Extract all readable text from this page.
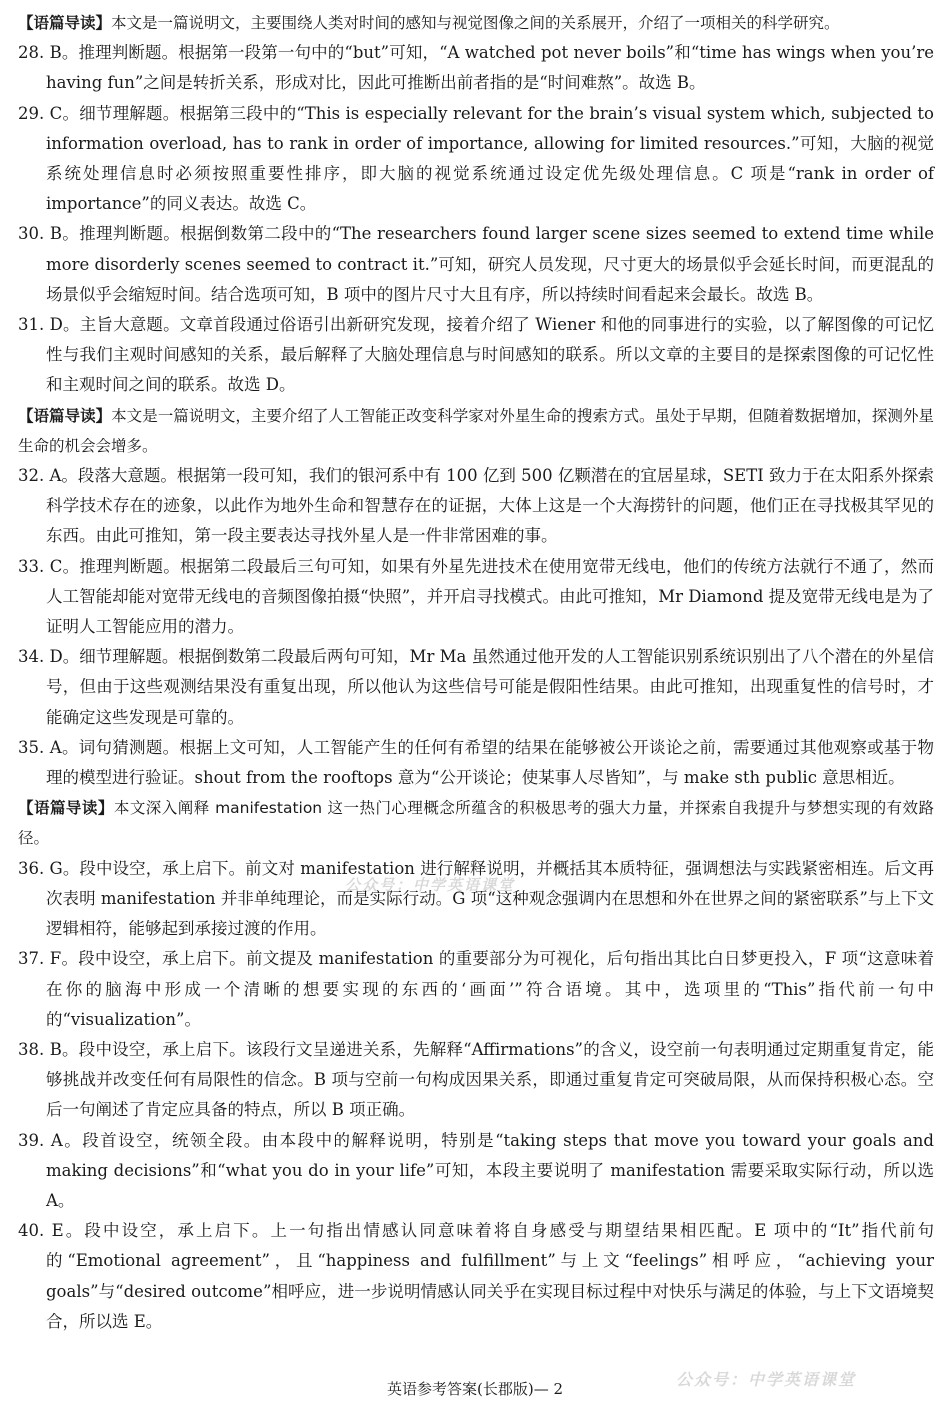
【语篇导读】本文是一篇说明文，主要围绕人类对时间的感知与视觉图像之间的关系展开，介绍了一项相关的科学研究。

28. B。推理判断题。根据第一段第一句中的“but”可知，“A watched pot never boils”和“time has wings when you’re having fun”之间是转折关系，形成对比，因此可推断出前者指的是“时间难熬”。故选 B。

29. C。细节理解题。根据第三段中的“This is especially relevant for the brain’s visual system which, subjected to information overload, has to rank in order of importance, allowing for limited resources.”可知，大脑的视觉系统处理信息时必须按照重要性排序，即大脑的视觉系统通过设定优先级处理信息。C 项是“rank in order of importance”的同义表达。故选 C。

30. B。推理判断题。根据倒数第二段中的“The researchers found larger scene sizes seemed to extend time while more disorderly scenes seemed to contract it.”可知，研究人员发现，尺寸更大的场景似乎会延长时间，而更混乱的场景似乎会缩短时间。结合选项可知，B 项中的图片尺寸大且有序，所以持续时间看起来会最长。故选 B。

31. D。主旨大意题。文章首段通过俗语引出新研究发现，接着介绍了 Wiener 和他的同事进行的实验，以了解图像的可记忆性与我们主观时间感知的关系，最后解释了大脑处理信息与时间感知的联系。所以文章的主要目的是探索图像的可记忆性和主观时间之间的联系。故选 D。

【语篇导读】本文是一篇说明文，主要介绍了人工智能正改变科学家对外星生命的搜索方式。虽处于早期，但随着数据增加，探测外星生命的机会会增多。

32. A。段落大意题。根据第一段可知，我们的银河系中有 100 亿到 500 亿颗潜在的宜居星球，SETI 致力于在太阳系外探索科学技术存在的迹象，以此作为地外生命和智慧存在的证据，大体上这是一个大海捞针的问题，他们正在寻找极其罕见的东西。由此可推知，第一段主要表达寻找外星人是一件非常困难的事。

33. C。推理判断题。根据第二段最后三句可知，如果有外星先进技术在使用宽带无线电，他们的传统方法就行不通了，然而人工智能却能对宽带无线电的音频图像拍摄“快照”，并开启寻找模式。由此可推知，Mr Diamond 提及宽带无线电是为了证明人工智能应用的潜力。

34. D。细节理解题。根据倒数第二段最后两句可知，Mr Ma 虽然通过他开发的人工智能识别系统识别出了八个潜在的外星信号，但由于这些观测结果没有重复出现，所以他认为这些信号可能是假阳性结果。由此可推知，出现重复性的信号时，才能确定这些发现是可靠的。

35. A。词句猜测题。根据上文可知，人工智能产生的任何有希望的结果在能够被公开谈论之前，需要通过其他观察或基于物理的模型进行验证。shout from the rooftops 意为“公开谈论；使某事人尽皆知”，与 make sth public 意思相近。

【语篇导读】本文深入阐释 manifestation 这一热门心理概念所蕴含的积极思考的强大力量，并探索自我提升与梦想实现的有效路径。

36. G。段中设空，承上启下。前文对 manifestation 进行解释说明，并概括其本质特征，强调想法与实践紧密相连。后文再次表明 manifestation 并非单纯理论，而是实际行动。G 项“这种观念强调内在思想和外在世界之间的紧密联系”与上下文逻辑相符，能够起到承接过渡的作用。

37. F。段中设空，承上启下。前文提及 manifestation 的重要部分为可视化，后句指出其比白日梦更投入，F 项“这意味着在你的脑海中形成一个清晰的想要实现的东西的‘画面’”符合语境。其中，选项里的“This”指代前一句中的“visualization”。

38. B。段中设空，承上启下。该段行文呈递进关系，先解释“Affirmations”的含义，设空前一句表明通过定期重复肯定，能够挑战并改变任何有局限性的信念。B 项与空前一句构成因果关系，即通过重复肯定可突破局限，从而保持积极心态。空后一句阐述了肯定应具备的特点，所以 B 项正确。

39. A。段首设空，统领全段。由本段中的解释说明，特别是“taking steps that move you toward your goals and making decisions”和“what you do in your life”可知，本段主要说明了 manifestation 需要采取实际行动，所以选 A。

40. E。段中设空，承上启下。上一句指出情感认同意味着将自身感受与期望结果相匹配。E 项中的“It”指代前句的“Emotional agreement”，且“happiness and fulfillment”与上文“feelings”相呼应，“achieving your goals”与“desired outcome”相呼应，进一步说明情感认同关乎在实现目标过程中对快乐与满足的体验，与上下文语境契合，所以选 E。

公众号：中学英语课堂
公众号：中学英语课堂
英语参考答案(长郡版)— 2
